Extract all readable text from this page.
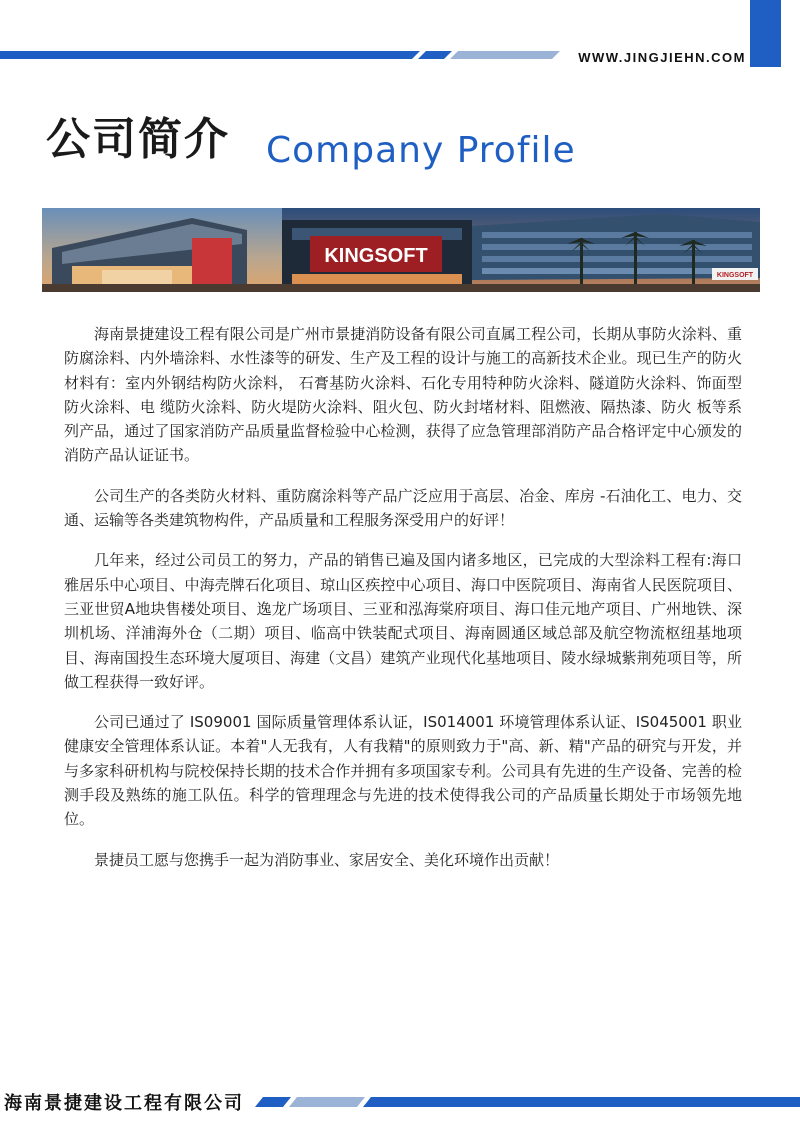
WWW.JINGJIEHN.COM
公司简介 Company Profile
KINGSOFT
KINGSOFT

海南景捷建设工程有限公司是广州市景捷消防设备有限公司直属工程公司，长期从事防火涂料、重防腐涂料、内外墙涂料、水性漆等的研发、生产及工程的设计与施工的高新技术企业。现已生产的防火材料有：室内外钢结构防火涂料， 石膏基防火涂料、石化专用特种防火涂料、隧道防火涂料、饰面型防火涂料、电 缆防火涂料、防火堤防火涂料、阻火包、防火封堵材料、阻燃液、隔热漆、防火 板等系列产品，通过了国家消防产品质量监督检验中心检测，获得了应急管理部消防产品合格评定中心颁发的消防产品认证证书。

公司生产的各类防火材料、重防腐涂料等产品广泛应用于高层、冶金、库房 -石油化工、电力、交通、运输等各类建筑物构件，产品质量和工程服务深受用户的好评！

几年来，经过公司员工的努力，产品的销售已遍及国内诸多地区，已完成的大型涂料工程有:海口雅居乐中心项目、中海壳牌石化项目、琼山区疾控中心项目、海口中医院项目、海南省人民医院项目、三亚世贸A地块售楼处项目、逸龙广场项目、三亚和泓海棠府项目、海口佳元地产项目、广州地铁、深圳机场、洋浦海外仓（二期）项目、临高中铁装配式项目、海南圆通区域总部及航空物流枢纽基地项目、海南国投生态环境大厦项目、海建（文昌）建筑产业现代化基地项目、陵水绿城紫荆苑项目等，所做工程获得一致好评。

公司已通过了 IS09001 国际质量管理体系认证，IS014001 环境管理体系认证、IS045001 职业健康安全管理体系认证。本着"人无我有，人有我精"的原则致力于"高、新、精"产品的研究与开发，并与多家科研机构与院校保持长期的技术合作并拥有多项国家专利。公司具有先进的生产设备、完善的检测手段及熟练的施工队伍。科学的管理理念与先进的技术使得我公司的产品质量长期处于市场领先地位。

景捷员工愿与您携手一起为消防事业、家居安全、美化环境作出贡献！

海南景捷建设工程有限公司
